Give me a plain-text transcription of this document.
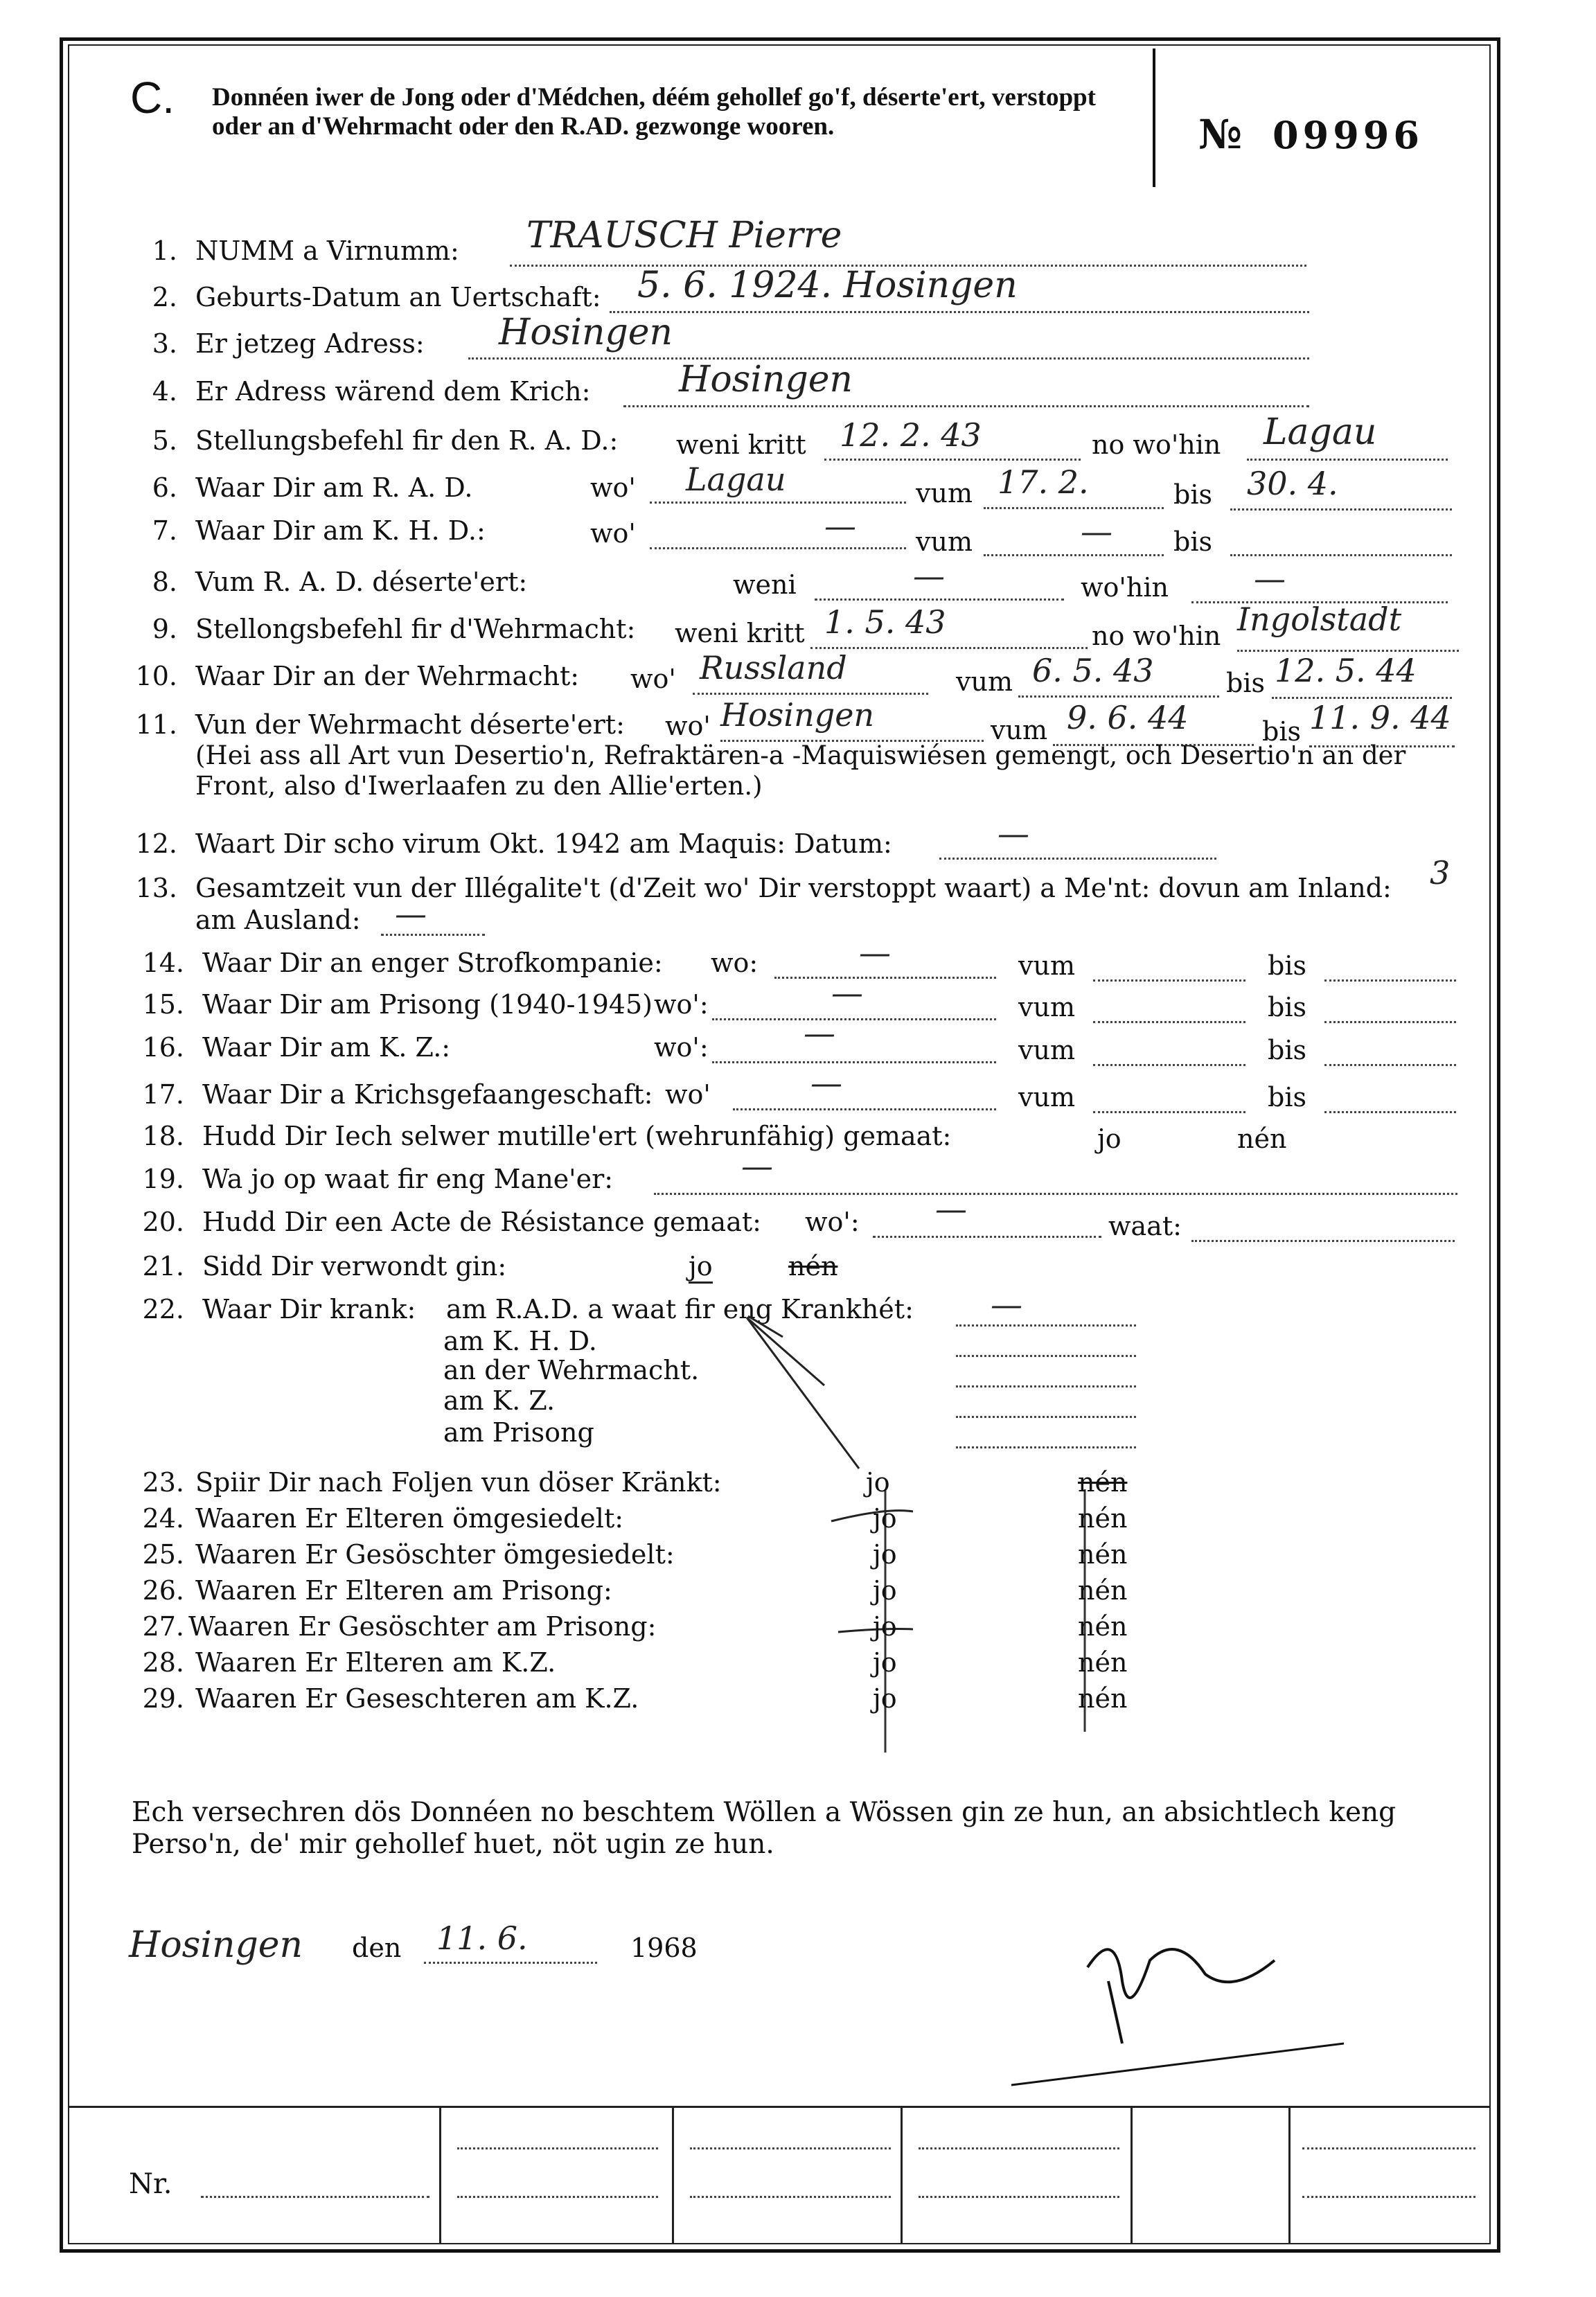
C. Donnéen iwer de Jong oder d'Médchen, déém gehollef go'f, déserte'ert, verstoppt oder an d'Wehrmacht oder den R.AD. gezwonge wooren.	№ 09996
1. NUMM a Virnumm: TRAUSCH Pierre
2. Geburts-Datum an Uertschaft: 5. 6. 1924. Hosingen
3. Er jetzeg Adress: Hosingen
4. Er Adress wärend dem Krich: Hosingen
5. Stellungsbefehl fir den R. A. D.: weni kritt 12. 2. 43	no wo'hin Lagau
6. Waar Dir am R. A. D.	wo' Lagau	vum 17. 2.	bis 30. 4.
7. Waar Dir am K. H. D.:	wo'	— vum	— bis
8. Vum R. A. D. déserte'ert:	weni	—	wo'hin	—
9. Stellongsbefehl fir d'Wehrmacht: weni kritt 1. 5. 43	no wo'hin Ingolstadt
10. Waar Dir an der Wehrmacht: wo' Russland	vum 6. 5. 43	bis 12. 5. 44
11. Vun der Wehrmacht déserte'ert: wo' Hosingen	vum 9. 6. 44	bis 11. 9. 44
(Hei ass all Art vun Desertio'n, Refraktären-a -Maquiswiésen gemengt, och Desertio'n an der
Front, also d'Iwerlaafen zu den Allie'erten.)
12. Waart Dir scho virum Okt. 1942 am Maquis: Datum:	—
13. Gesamtzeit vun der Illégalite't (d'Zeit wo' Dir verstoppt waart) a Me'nt: dovun am Inland: 3
am Ausland: —
14. Waar Dir an enger Strofkompanie: wo:	—	vum	bis
15. Waar Dir am Prisong (1940-1945) wo':	—	vum	bis
16. Waar Dir am K. Z.:	wo':	—	vum	bis
17. Waar Dir a Krichsgefaangeschaft: wo'	—	vum	bis
18. Hudd Dir Iech selwer mutille'ert (wehrunfähig) gemaat:	jo	nén
19. Wa jo op waat fir eng Mane'er:	—
20. Hudd Dir een Acte de Résistance gemaat: wo': —	waat:
21. Sidd Dir verwondt gin:	jo	nén
22. Waar Dir krank: am R.A.D. a waat fir eng Krankhét:
am K. H. D.
an der Wehrmacht.
am K. Z.
am Prisong
—
23. Spiir Dir nach Foljen vun döser Kränkt:	jo	nén
24. Waaren Er Elteren ömgesiedelt:	jo	nén
25. Waaren Er Gesöschter ömgesiedelt:	jo	nén
26. Waaren Er Elteren am Prisong:	jo	nén
27. Waaren Er Gesöschter am Prisong:	jo	nén
28. Waaren Er Elteren am K.Z.	jo	nén
29. Waaren Er Geseschteren am K.Z.	jo	nén
Ech versechren dös Donnéen no beschtem Wöllen a Wössen gin ze hun, an absichtlech keng Perso'n, de' mir gehollef huet, nöt ugin ze hun.
Hosingen den 11. 6.	1968
Nr.
